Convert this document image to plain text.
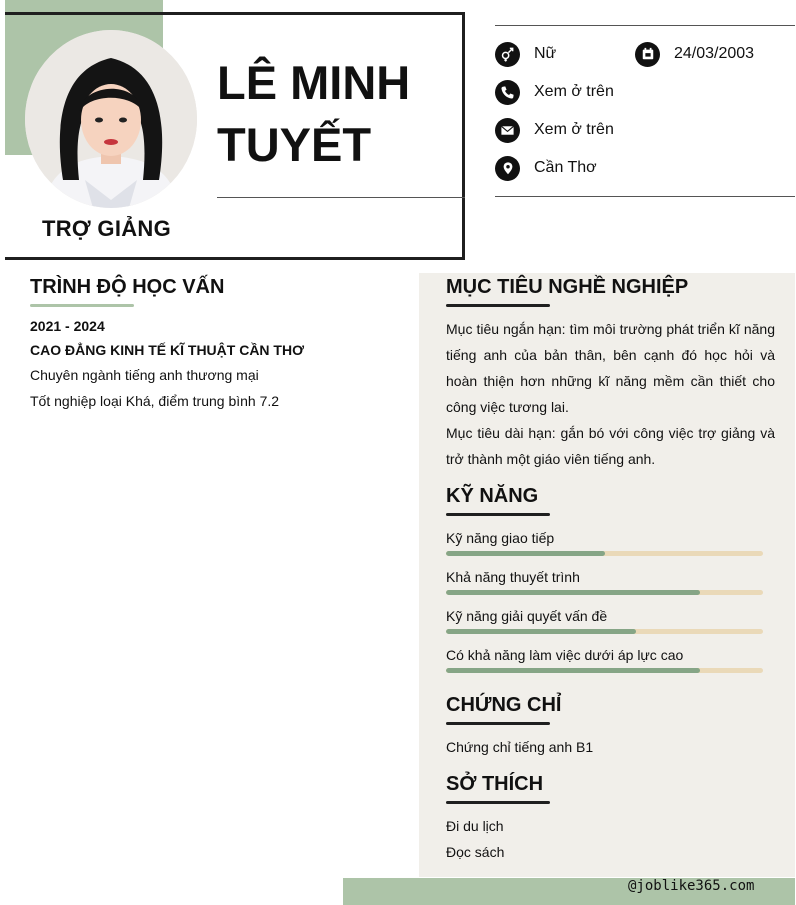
TRỢ GIẢNG
LÊ MINH
TUYẾT
Nữ	24/03/2003
Xem ở trên
Xem ở trên
Cần Thơ
TRÌNH ĐỘ HỌC VẤN
2021 - 2024
CAO ĐẲNG KINH TẾ KĨ THUẬT CẦN THƠ
Chuyên ngành tiếng anh thương mại
Tốt nghiệp loại Khá, điểm trung bình 7.2
MỤC TIÊU NGHỀ NGHIỆP

Mục tiêu ngắn hạn: tìm môi trường phát triển kĩ năng tiếng anh của bản thân, bên cạnh đó học hỏi và hoàn thiện hơn những kĩ năng mềm cần thiết cho công việc tương lai.

Mục tiêu dài hạn: gắn bó với công việc trợ giảng và trở thành một giáo viên tiếng anh.

KỸ NĂNG
Kỹ năng giao tiếp
Khả năng thuyết trình
Kỹ năng giải quyết vấn đề
Có khả năng làm việc dưới áp lực cao
CHỨNG CHỈ
Chứng chỉ tiếng anh B1
SỞ THÍCH
Đi du lịch
Đọc sách
@joblike365.com
